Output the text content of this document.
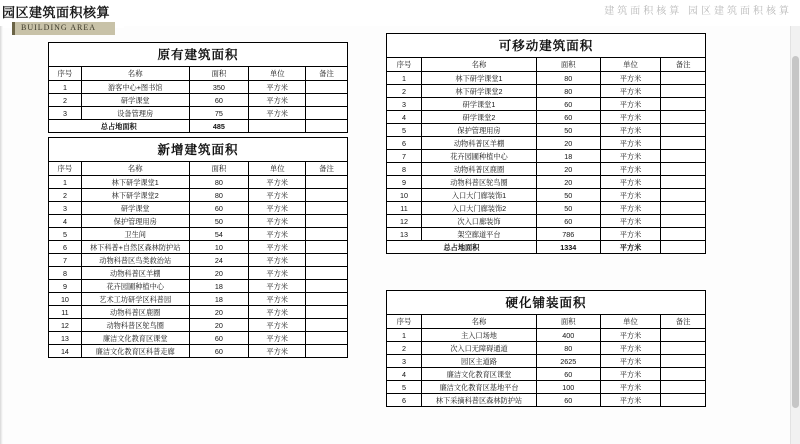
园区建筑面积核算
BUILDING AREA
建筑面积核算 园区建筑面积核算
原有建筑面积
序号	名称	面积	单位	备注
1	游客中心+图书馆	350	平方米	
2	研学课堂	60	平方米	
3	设备管理房	75	平方米	
总占地面积		485		
新增建筑面积
序号	名称	面积	单位	备注
1	林下研学课堂1	80	平方米	
2	林下研学课堂2	80	平方米	
3	研学课堂	60	平方米	
4	保护管理用房	50	平方米	
5	卫生间	54	平方米	
6	林下科普+自然区森林防护站	10	平方米	
7	动物科普区鸟类救治站	24	平方米	
8	动物科普区羊棚	20	平方米	
9	花卉园圃种植中心	18	平方米	
10	艺术工坊研学区科普园	18	平方米	
11	动物科普区鹿圈	20	平方米	
12	动物科普区鸵鸟圈	20	平方米	
13	廉洁文化教育区课堂	60	平方米	
14	廉洁文化教育区科普走廊	60	平方米	
可移动建筑面积
序号	名称	面积	单位	备注
1	林下研学课堂1	80	平方米	
2	林下研学课堂2	80	平方米	
3	研学课堂1	60	平方米	
4	研学课堂2	60	平方米	
5	保护管理用房	50	平方米	
6	动物科普区羊棚	20	平方米	
7	花卉园圃种植中心	18	平方米	
8	动物科普区鹿圈	20	平方米	
9	动物科普区鸵鸟圈	20	平方米	
10	入口大门廊装饰1	50	平方米	
11	入口大门廊装饰2	50	平方米	
12	次入口廊装饰	60	平方米	
13	架空廊道平台	786	平方米	
总占地面积		1334	平方米	
硬化铺装面积
序号	名称	面积	单位	备注
1	主入口场地	400	平方米	
2	次入口无障碍通道	80	平方米	
3	园区主道路	2625	平方米	
4	廉洁文化教育区课堂	60	平方米	
5	廉洁文化教育区基地平台	100	平方米	
6	林下采摘科普区森林防护站	60	平方米	
